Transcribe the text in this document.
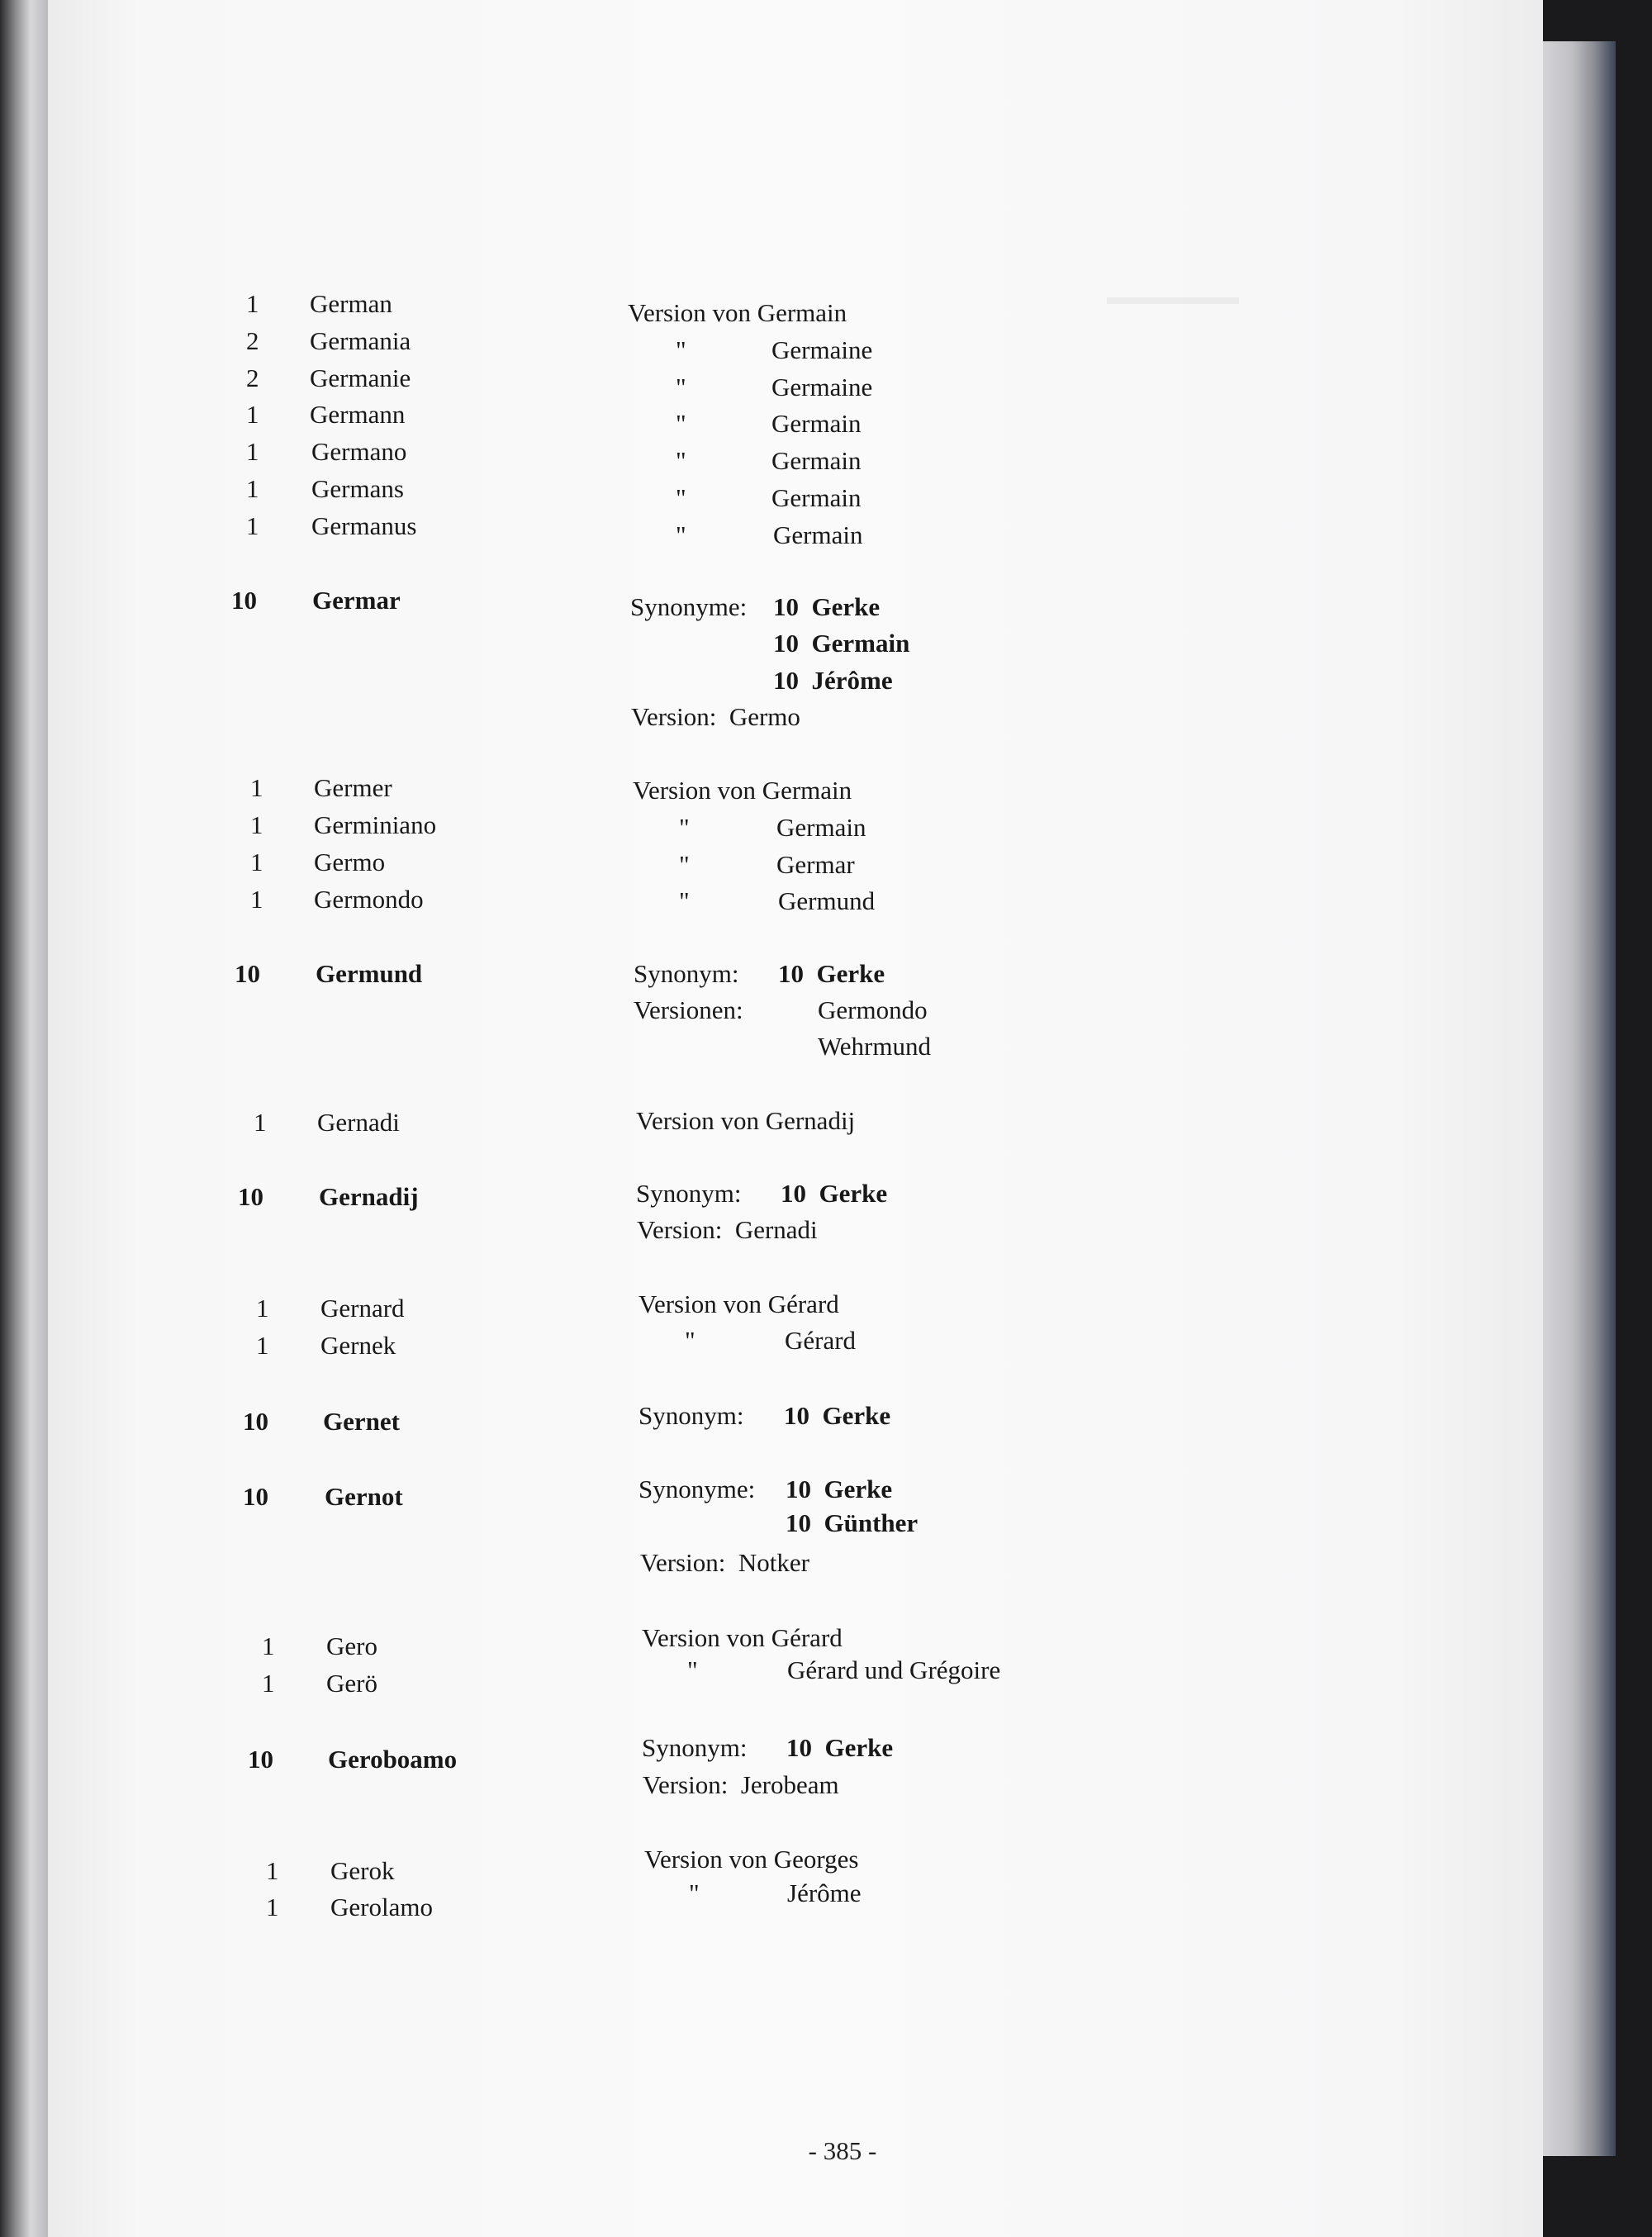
1 German	Version von Germain
2 Germania	"	Germaine
2 Germanie	"	Germaine
1 Germann	"	Germain
1 Germano	"	Germain
1 Germans	"	Germain
1 Germanus	"	Germain
10 Germar	Synonyme: 10  Gerke
10  Germain
10  Jérôme
Version:  Germo
1 Germer	Version von Germain
1 Germiniano	"	Germain
1 Germo	"	Germar
1 Germondo	"	Germund
10 Germund	Synonym: 10  Gerke
Versionen:	Germondo
Wehrmund
1 Gernadi	Version von Gernadij
10 Gernadij	Synonym: 10  Gerke
Version:  Gernadi
1 Gernard	Version von Gérard
1 Gernek	"	Gérard
10 Gernet	Synonym: 10  Gerke
10 Gernot	Synonyme: 10  Gerke
10  Günther
Version:  Notker
1 Gero	Version von Gérard
1 Gerö	"	Gérard und Grégoire
10 Geroboamo	Synonym: 10  Gerke
Version:  Jerobeam
1 Gerok	Version von Georges
1 Gerolamo	"	Jérôme
- 385 -
